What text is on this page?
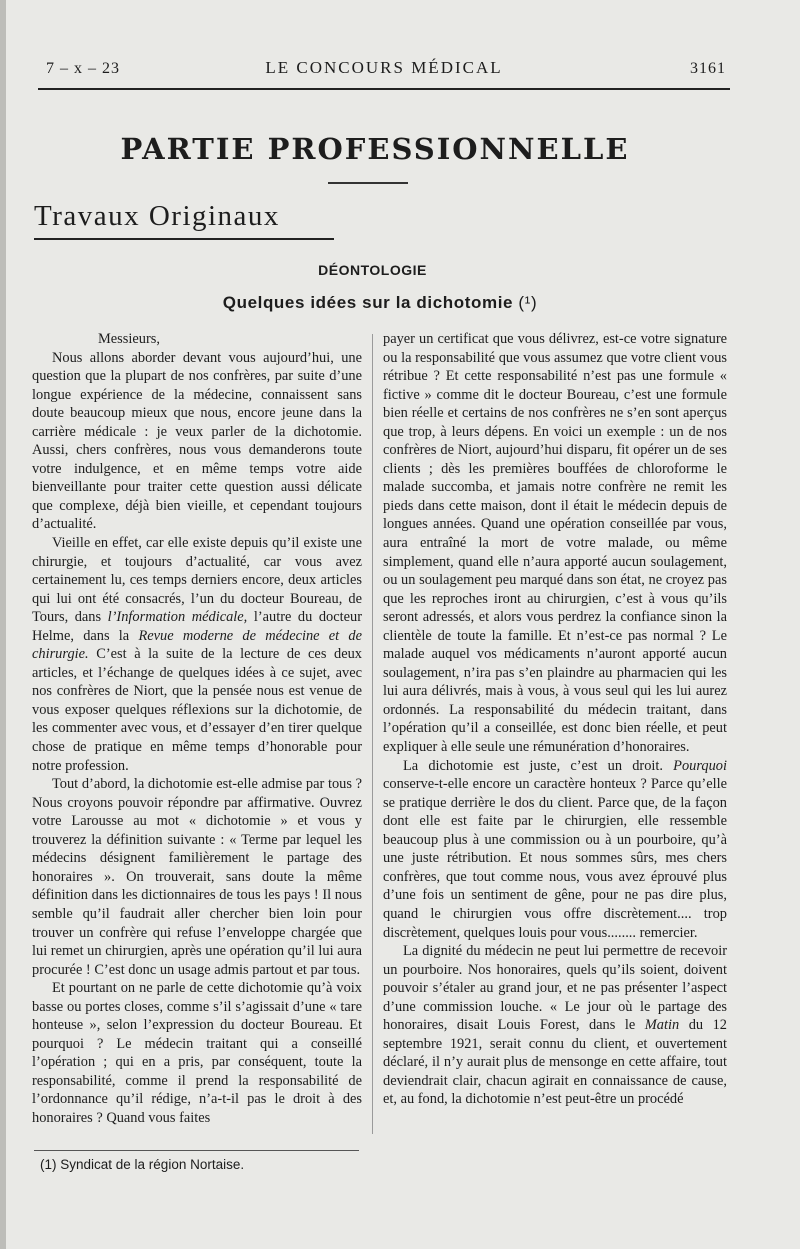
7 – x – 23	LE CONCOURS MÉDICAL	3161
PARTIE PROFESSIONNELLE
Travaux Originaux
DÉONTOLOGIE
Quelques idées sur la dichotomie (¹)

Messieurs,

Nous allons aborder devant vous aujourd’hui, une question que la plupart de nos confrères, par suite d’une longue expérience de la médecine, connaissent sans doute beaucoup mieux que nous, encore jeune dans la carrière médicale : je veux parler de la dichotomie. Aussi, chers confrères, nous vous demanderons toute votre indulgence, et en même temps votre aide bienveillante pour traiter cette question aussi délicate que complexe, déjà bien vieille, et cependant toujours d’actualité.

Vieille en effet, car elle existe depuis qu’il existe une chirurgie, et toujours d’actualité, car vous avez certainement lu, ces temps derniers encore, deux articles qui lui ont été consacrés, l’un du docteur Boureau, de Tours, dans l’Information médicale, l’autre du docteur Helme, dans la Revue moderne de médecine et de chirurgie. C’est à la suite de la lecture de ces deux articles, et l’échange de quelques idées à ce sujet, avec nos confrères de Niort, que la pensée nous est venue de vous exposer quelques réflexions sur la dichotomie, de les commenter avec vous, et d’essayer d’en tirer quelque chose de pratique en même temps d’honorable pour notre profession.

Tout d’abord, la dichotomie est-elle admise par tous ? Nous croyons pouvoir répondre par affirmative. Ouvrez votre Larousse au mot « dichotomie » et vous y trouverez la définition suivante : « Terme par lequel les médecins désignent familièrement le partage des honoraires ». On trouverait, sans doute la même définition dans les dictionnaires de tous les pays ! Il nous semble qu’il faudrait aller chercher bien loin pour trouver un confrère qui refuse l’enveloppe chargée que lui remet un chirurgien, après une opération qu’il lui aura procurée ! C’est donc un usage admis partout et par tous.

Et pourtant on ne parle de cette dichotomie qu’à voix basse ou portes closes, comme s’il s’agissait d’une « tare honteuse », selon l’expression du docteur Boureau. Et pourquoi ? Le médecin traitant qui a conseillé l’opération ; qui en a pris, par conséquent, toute la responsabilité, comme il prend la responsabilité de l’ordonnance qu’il rédige, n’a-t-il pas le droit à des honoraires ? Quand vous faites

payer un certificat que vous délivrez, est-ce votre signature ou la responsabilité que vous assumez que votre client vous rétribue ? Et cette responsabilité n’est pas une formule « fictive » comme dit le docteur Boureau, c’est une formule bien réelle et certains de nos confrères ne s’en sont aperçus que trop, à leurs dépens. En voici un exemple : un de nos confrères de Niort, aujourd’hui disparu, fit opérer un de ses clients ; dès les premières bouffées de chloroforme le malade succomba, et jamais notre confrère ne remit les pieds dans cette maison, dont il était le médecin depuis de longues années. Quand une opération conseillée par vous, aura entraîné la mort de votre malade, ou même simplement, quand elle n’aura apporté aucun soulagement, ou un soulagement peu marqué dans son état, ne croyez pas que les reproches iront au chirurgien, c’est à vous qu’ils seront adressés, et alors vous perdrez la confiance sinon la clientèle de toute la famille. Et n’est-ce pas normal ? Le malade auquel vos médicaments n’auront apporté aucun soulagement, n’ira pas s’en plaindre au pharmacien qui les lui aura délivrés, mais à vous, à vous seul qui les lui aurez ordonnés. La responsabilité du médecin traitant, dans l’opération qu’il a conseillée, est donc bien réelle, et peut expliquer à elle seule une rémunération d’honoraires.

La dichotomie est juste, c’est un droit. Pourquoi conserve-t-elle encore un caractère honteux ? Parce qu’elle se pratique derrière le dos du client. Parce que, de la façon dont elle est faite par le chirurgien, elle ressemble beaucoup plus à une commission ou à un pourboire, qu’à une juste rétribution. Et nous sommes sûrs, mes chers confrères, que tout comme nous, vous avez éprouvé plus d’une fois un sentiment de gêne, pour ne pas dire plus, quand le chirurgien vous offre discrètement.... trop discrètement, quelques louis pour vous........ remercier.

La dignité du médecin ne peut lui permettre de recevoir un pourboire. Nos honoraires, quels qu’ils soient, doivent pouvoir s’étaler au grand jour, et ne pas présenter l’aspect d’une commission louche. « Le jour où le partage des honoraires, disait Louis Forest, dans le Matin du 12 septembre 1921, serait connu du client, et ouvertement déclaré, il n’y aurait plus de mensonge en cette affaire, tout deviendrait clair, chacun agirait en connaissance de cause, et, au fond, la dichotomie n’est peut-être un procédé

(1) Syndicat de la région Nortaise.
